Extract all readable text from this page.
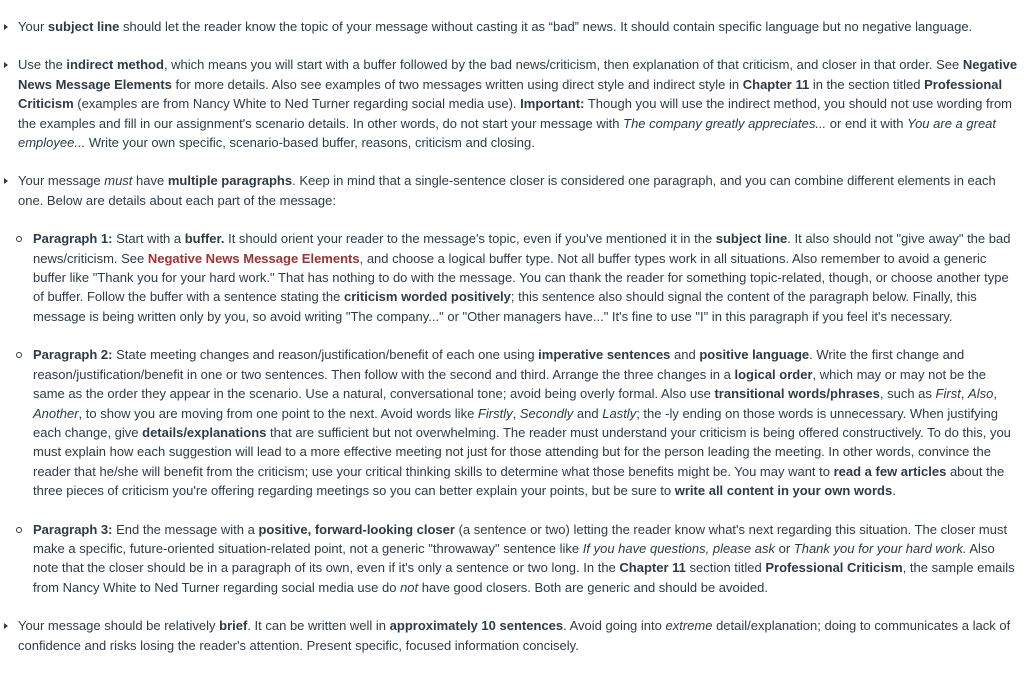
Your subject line should let the reader know the topic of your message without casting it as “bad” news. It should contain specific language but no negative language.
Use the indirect method, which means you will start with a buffer followed by the bad news/criticism, then explanation of that criticism, and closer in that order. See Negative News Message Elements for more details. Also see examples of two messages written using direct style and indirect style in Chapter 11 in the section titled Professional Criticism (examples are from Nancy White to Ned Turner regarding social media use). Important: Though you will use the indirect method, you should not use wording from the examples and fill in our assignment's scenario details. In other words, do not start your message with The company greatly appreciates... or end it with You are a great employee... Write your own specific, scenario-based buffer, reasons, criticism and closing.
Your message must have multiple paragraphs. Keep in mind that a single-sentence closer is considered one paragraph, and you can combine different elements in each one. Below are details about each part of the message:
Paragraph 1: Start with a buffer. It should orient your reader to the message's topic, even if you've mentioned it in the subject line. It also should not "give away" the bad news/criticism. See Negative News Message Elements, and choose a logical buffer type. Not all buffer types work in all situations. Also remember to avoid a generic buffer like "Thank you for your hard work." That has nothing to do with the message. You can thank the reader for something topic-related, though, or choose another type of buffer. Follow the buffer with a sentence stating the criticism worded positively; this sentence also should signal the content of the paragraph below. Finally, this message is being written only by you, so avoid writing "The company..." or "Other managers have..." It's fine to use "I" in this paragraph if you feel it's necessary.
Paragraph 2: State meeting changes and reason/justification/benefit of each one using imperative sentences and positive language. Write the first change and reason/justification/benefit in one or two sentences. Then follow with the second and third. Arrange the three changes in a logical order, which may or may not be the same as the order they appear in the scenario. Use a natural, conversational tone; avoid being overly formal. Also use transitional words/phrases, such as First, Also, Another, to show you are moving from one point to the next. Avoid words like Firstly, Secondly and Lastly; the -ly ending on those words is unnecessary. When justifying each change, give details/explanations that are sufficient but not overwhelming. The reader must understand your criticism is being offered constructively. To do this, you must explain how each suggestion will lead to a more effective meeting not just for those attending but for the person leading the meeting. In other words, convince the reader that he/she will benefit from the criticism; use your critical thinking skills to determine what those benefits might be. You may want to read a few articles about the three pieces of criticism you're offering regarding meetings so you can better explain your points, but be sure to write all content in your own words.
Paragraph 3: End the message with a positive, forward-looking closer (a sentence or two) letting the reader know what's next regarding this situation. The closer must make a specific, future-oriented situation-related point, not a generic "throwaway" sentence like If you have questions, please ask or Thank you for your hard work. Also note that the closer should be in a paragraph of its own, even if it's only a sentence or two long. In the Chapter 11 section titled Professional Criticism, the sample emails from Nancy White to Ned Turner regarding social media use do not have good closers. Both are generic and should be avoided.
Your message should be relatively brief. It can be written well in approximately 10 sentences. Avoid going into extreme detail/explanation; doing to communicates a lack of confidence and risks losing the reader's attention. Present specific, focused information concisely.
